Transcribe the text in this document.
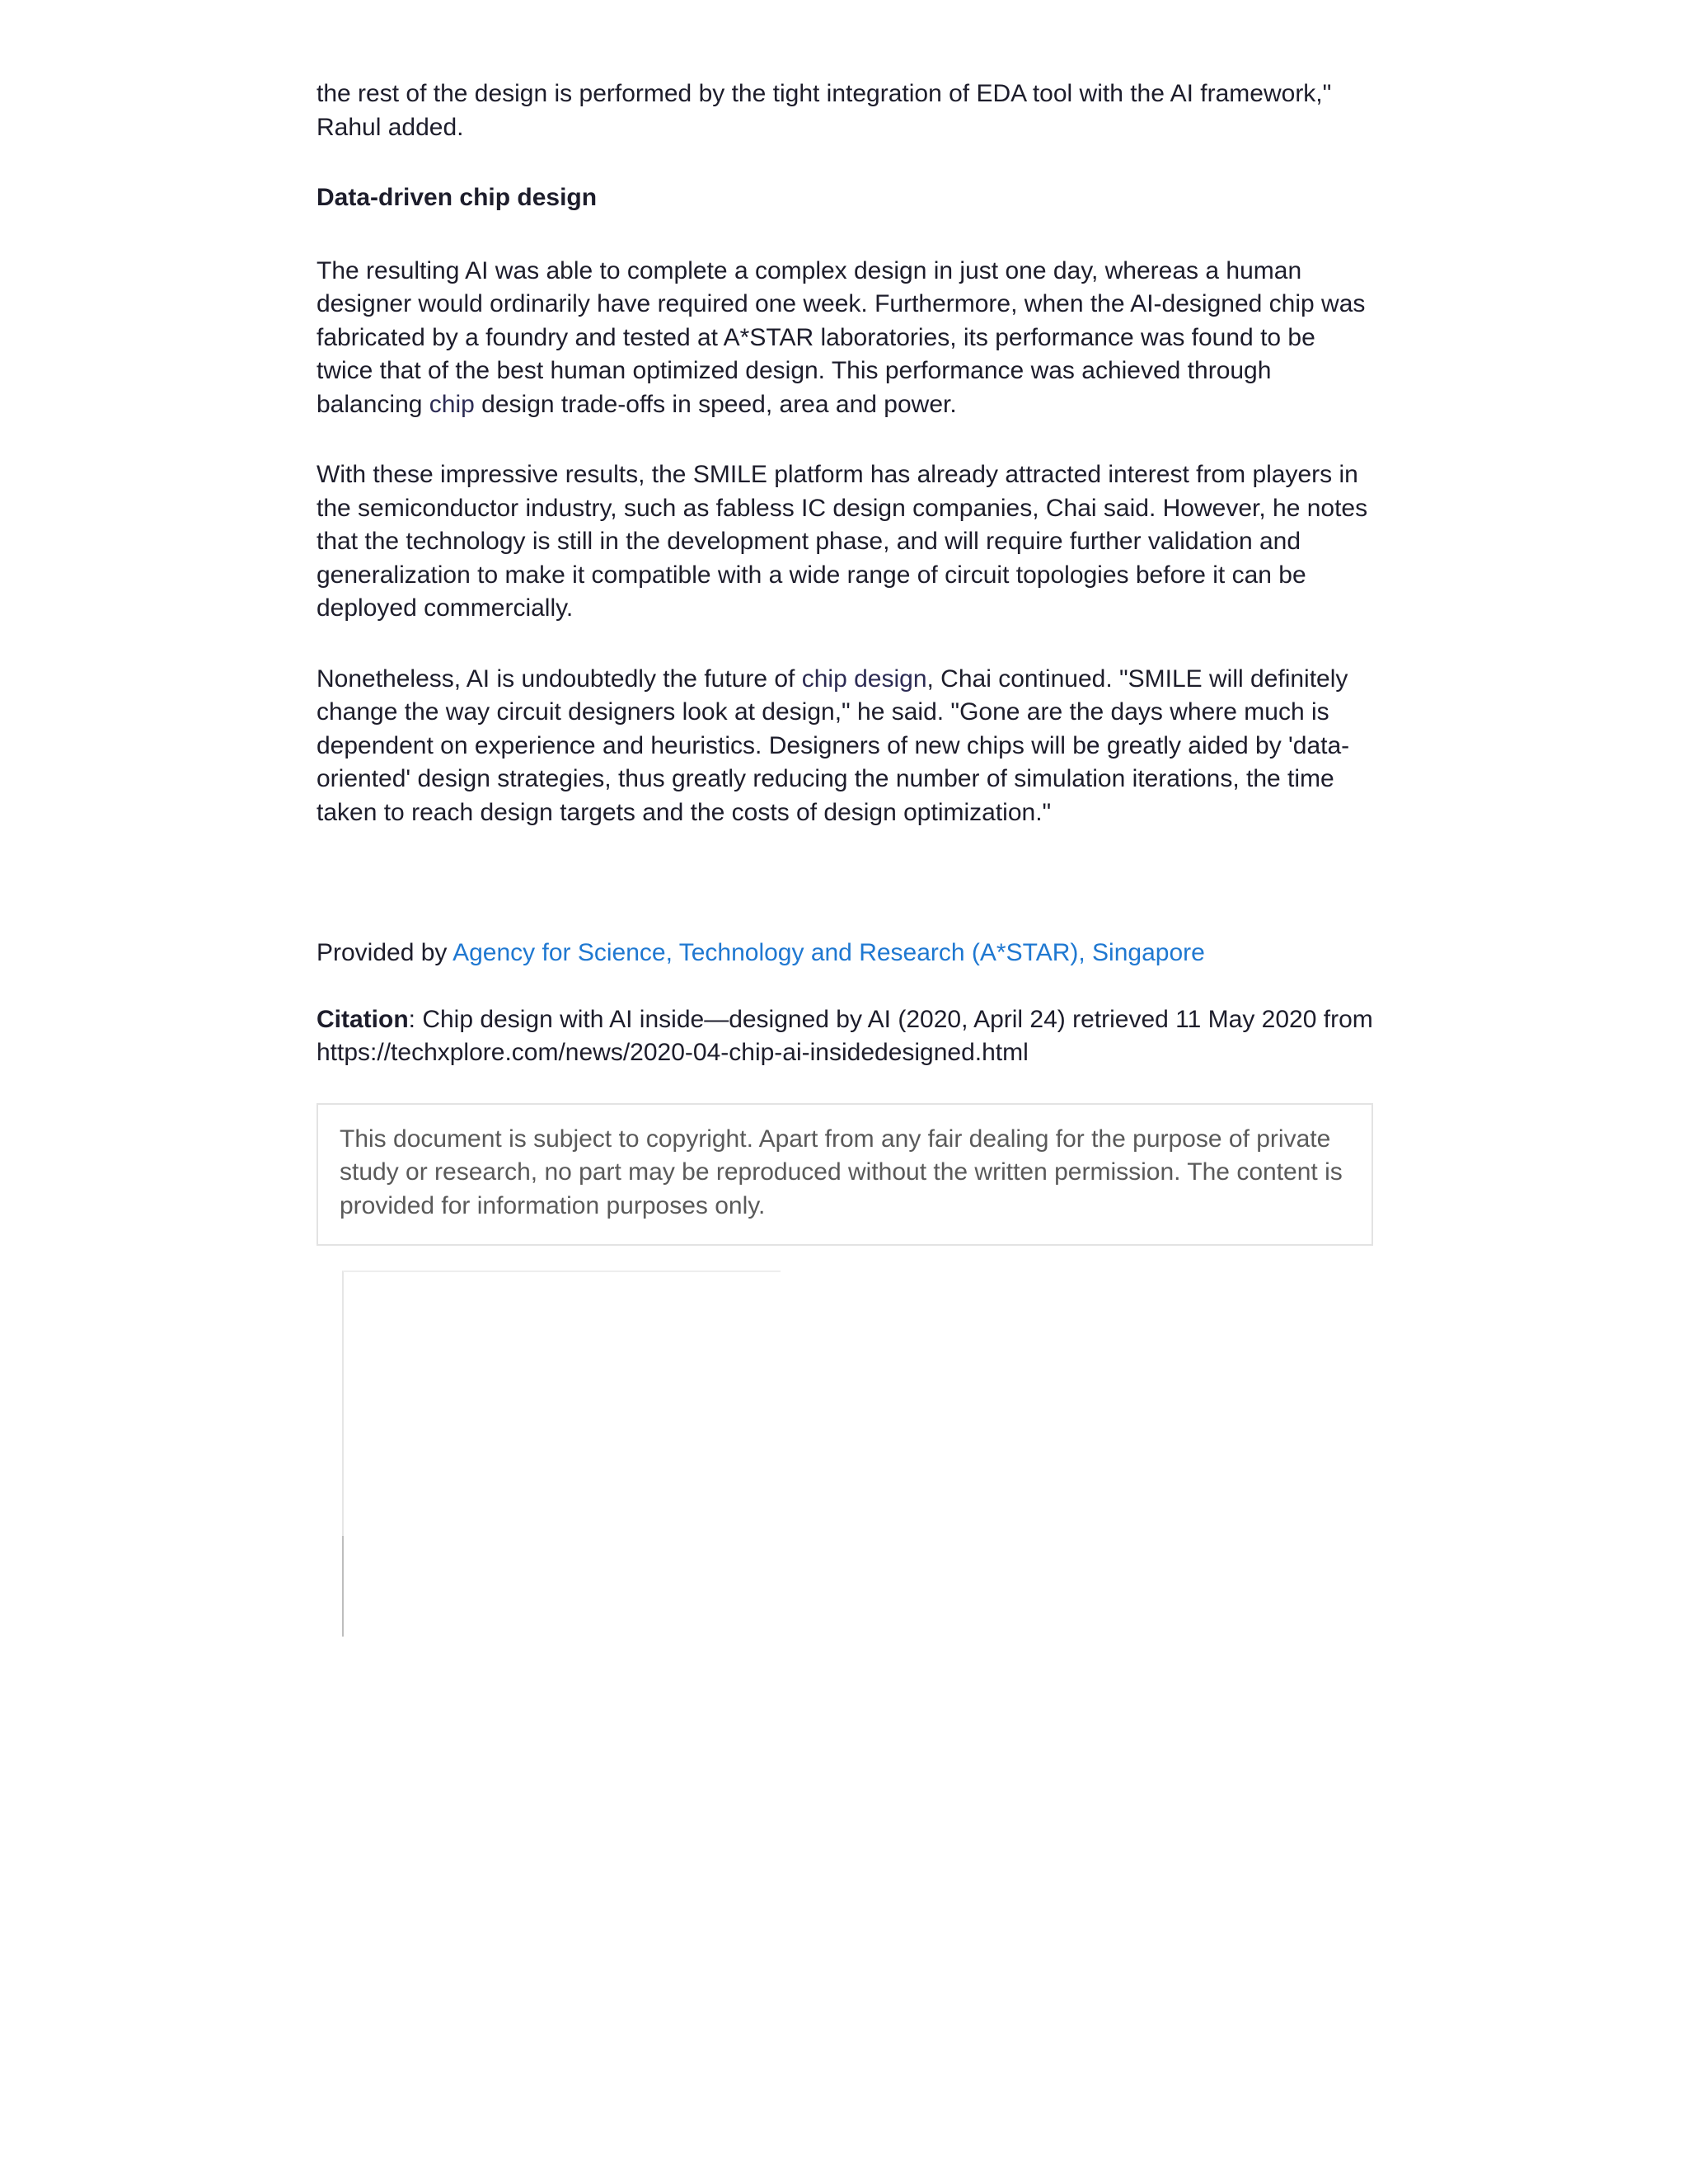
the rest of the design is performed by the tight integration of EDA tool with the AI framework," Rahul added.

Data-driven chip design

The resulting AI was able to complete a complex design in just one day, whereas a human designer would ordinarily have required one week. Furthermore, when the AI-designed chip was fabricated by a foundry and tested at A*STAR laboratories, its performance was found to be twice that of the best human optimized design. This performance was achieved through balancing chip design trade-offs in speed, area and power.

With these impressive results, the SMILE platform has already attracted interest from players in the semiconductor industry, such as fabless IC design companies, Chai said. However, he notes that the technology is still in the development phase, and will require further validation and generalization to make it compatible with a wide range of circuit topologies before it can be deployed commercially.

Nonetheless, AI is undoubtedly the future of chip design, Chai continued. "SMILE will definitely change the way circuit designers look at design," he said. "Gone are the days where much is dependent on experience and heuristics. Designers of new chips will be greatly aided by 'data-oriented' design strategies, thus greatly reducing the number of simulation iterations, the time taken to reach design targets and the costs of design optimization."

Provided by Agency for Science, Technology and Research (A*STAR), Singapore

Citation: Chip design with AI inside—designed by AI (2020, April 24) retrieved 11 May 2020 from https://techxplore.com/news/2020-04-chip-ai-insidedesigned.html

This document is subject to copyright. Apart from any fair dealing for the purpose of private study or research, no part may be reproduced without the written permission. The content is provided for information purposes only.
